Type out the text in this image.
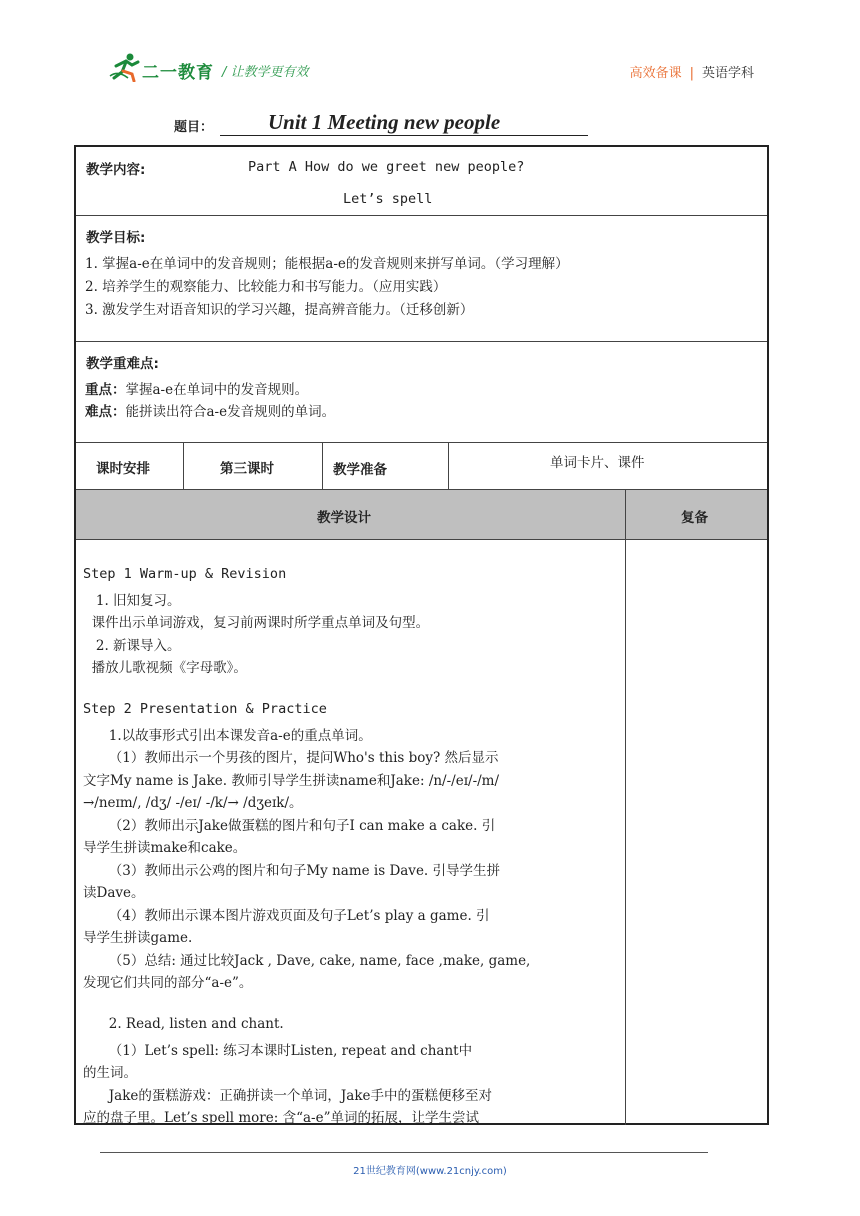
二一教育 / 让教学更有效	高效备课 | 英语学科
题目：	Unit 1 Meeting new people
教学内容:	Part A How do we greet new people?
Let’s spell
教学目标:
1. 掌握a-e在单词中的发音规则；能根据a-e的发音规则来拼写单词。（学习理解）
2. 培养学生的观察能力、比较能力和书写能力。（应用实践）
3. 激发学生对语音知识的学习兴趣，提高辨音能力。（迁移创新）
教学重难点:
重点：掌握a-e在单词中的发音规则。
难点：能拼读出符合a-e发音规则的单词。
课时安排	第三课时	教学准备	单词卡片、课件
教学设计	复备
Step 1 Warm-up & Revision
1. 旧知复习。
课件出示单词游戏，复习前两课时所学重点单词及句型。
2. 新课导入。
播放儿歌视频《字母歌》。
Step 2 Presentation & Practice
1.以故事形式引出本课发音a-e的重点单词。
（1）教师出示一个男孩的图片，提问Who's this boy? 然后显示
文字My name is Jake. 教师引导学生拼读name和Jake: /n/-/eɪ/-/m/
→/neɪm/, /dʒ/ -/eɪ/ -/k/→ /dʒeɪk/。
（2）教师出示Jake做蛋糕的图片和句子I can make a cake. 引
导学生拼读make和cake。
（3）教师出示公鸡的图片和句子My name is Dave. 引导学生拼
读Dave。
（4）教师出示课本图片游戏页面及句子Let’s play a game. 引
导学生拼读game.
（5）总结: 通过比较Jack , Dave, cake, name, face ,make, game,
发现它们共同的部分“a-e”。
2. Read, listen and chant.
（1）Let’s spell: 练习本课时Listen, repeat and chant中
的生词。
Jake的蛋糕游戏：正确拼读一个单词，Jake手中的蛋糕便移至对
应的盘子里。Let’s spell more: 含“a-e”单词的拓展，让学生尝试
21世纪教育网(www.21cnjy.com)
